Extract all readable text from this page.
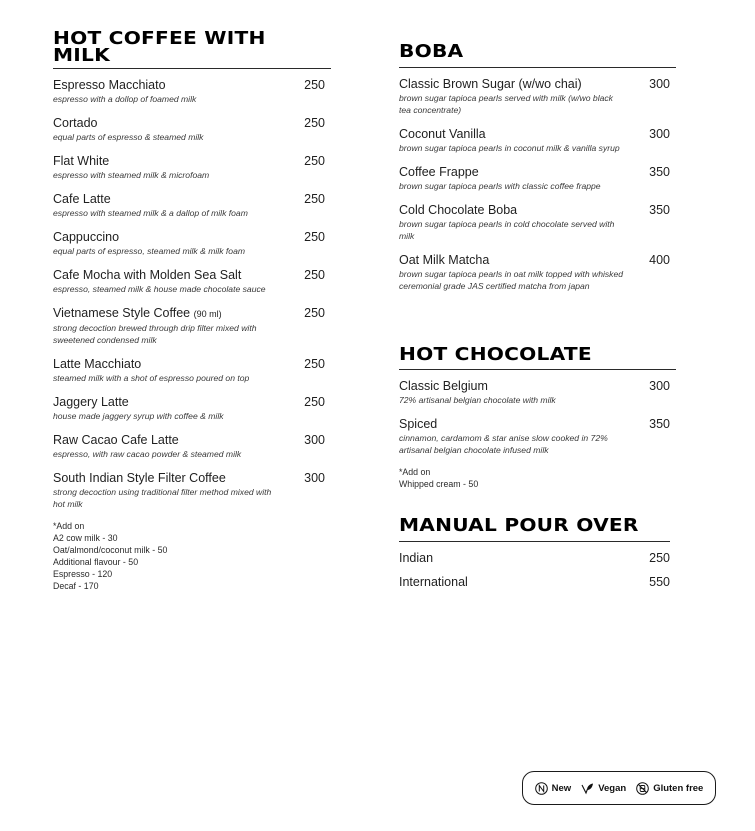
HOT COFFEE WITH MILK
Espresso Macchiato	250
espresso with a dollop of foamed milk
Cortado	250
equal parts of espresso & steamed milk
Flat White	250
espresso with steamed milk & microfoam
Cafe Latte	250
espresso with steamed milk & a dallop of milk foam
Cappuccino	250
equal parts of espresso, steamed milk & milk foam
Cafe Mocha with Molden Sea Salt	250
espresso, steamed milk & house made chocolate sauce
Vietnamese Style Coffee (90 ml)	250
strong decoction brewed through drip filter mixed with sweetened condensed milk
Latte Macchiato	250
steamed milk with a shot of espresso poured on top
Jaggery Latte	250
house made jaggery syrup with coffee & milk
Raw Cacao Cafe Latte	300
espresso, with raw cacao powder & steamed milk
South Indian Style Filter Coffee	300
strong decoction using traditional filter method mixed with hot milk
*Add on
A2 cow milk - 30
Oat/almond/coconut milk - 50
Additional flavour - 50
Espresso - 120
Decaf - 170
BOBA
Classic Brown Sugar (w/wo chai)	300
brown sugar tapioca pearls served with milk (w/wo black tea concentrate)
Coconut Vanilla	300
brown sugar tapioca pearls in coconut milk & vanilla syrup
Coffee Frappe	350
brown sugar tapioca pearls with classic coffee frappe
Cold Chocolate Boba	350
brown sugar tapioca pearls in cold chocolate served with milk
Oat Milk Matcha	400
brown sugar tapioca pearls in oat milk topped with whisked ceremonial grade JAS certified matcha from japan
HOT CHOCOLATE
Classic Belgium	300
72% artisanal belgian chocolate with milk
Spiced	350
cinnamon, cardamom & star anise slow cooked in 72% artisanal belgian chocolate infused milk
*Add on
Whipped cream - 50
MANUAL POUR OVER
Indian	250
International	550
New	Vegan	Gluten free
